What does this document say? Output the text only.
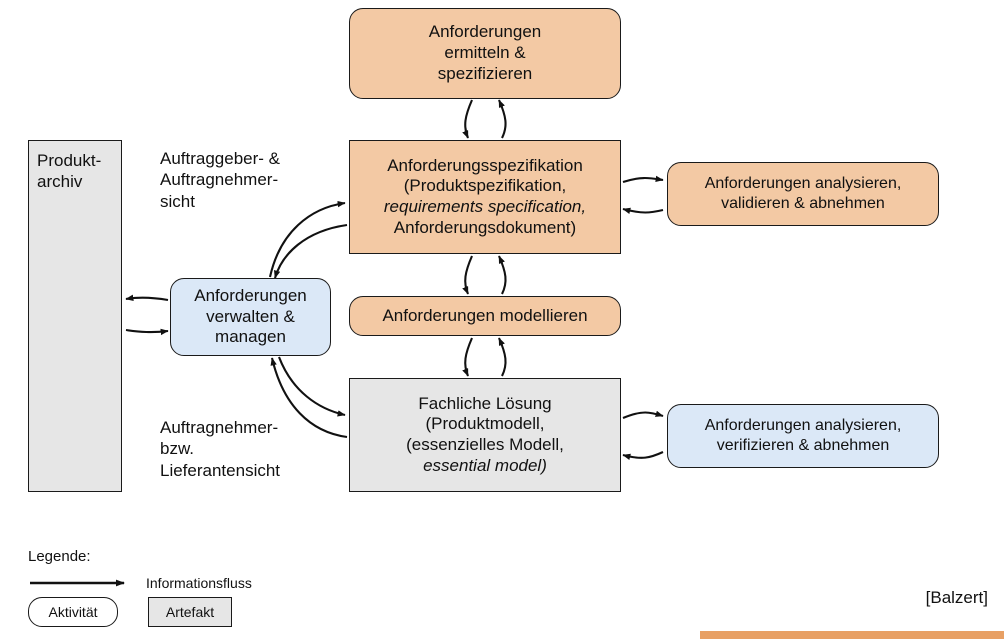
Anforderungen
ermitteln &
spezifizieren
Anforderungsspezifikation
(Produktspezifikation,
requirements specification,
Anforderungsdokument)
Anforderungen analysieren,
validieren & abnehmen
Anforderungen modellieren
Fachliche Lösung
(Produktmodell,
(essenzielles Modell,
essential model)
Anforderungen analysieren,
verifizieren & abnehmen
Anforderungen
verwalten &
managen
Produkt-
archiv
Auftraggeber- &
Auftragnehmer-
sicht
Auftragnehmer-
bzw.
Lieferantensicht
Legende:
Informationsfluss
Aktivität	Artefakt
[Balzert]
